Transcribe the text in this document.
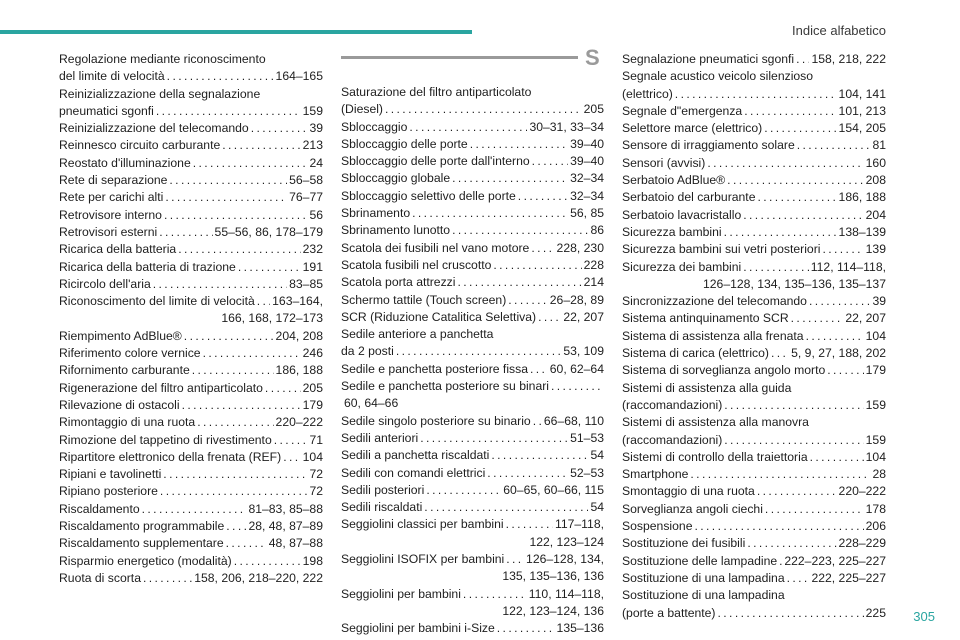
Indice alfabetico
Regolazione mediante riconoscimento
del limite di velocità . . .	164–165
Reinizializzazione della segnalazione
pneumatici sgonfi . . .	159
Reinizializzazione del telecomando . . .	39
Reinnesco circuito carburante . . .	213
Reostato d'illuminazione . . .	24
Rete di separazione . . .	56–58
Rete per carichi alti . . .	76–77
Retrovisore interno . . .	56
Retrovisori esterni . . .	55–56, 86, 178–179
Ricarica della batteria . . .	232
Ricarica della batteria di trazione . . .	191
Ricircolo dell'aria . . .	83–85
Riconoscimento del limite di velocità . . . 163–164,
166, 168, 172–173
Riempimento AdBlue® . . .	204, 208
Riferimento colore vernice . . .	246
Rifornimento carburante . . .	186, 188
Rigenerazione del filtro antiparticolato . . .	205
Rilevazione di ostacoli . . .	179
Rimontaggio di una ruota . . .	220–222
Rimozione del tappetino di rivestimento . . .	71
Ripartitore elettronico della frenata (REF) . . . 104
Ripiani e tavolinetti . . .	72
Ripiano posteriore . . .	72
Riscaldamento . . .	81–83, 85–88
Riscaldamento programmabile . . . 28, 48, 87–89
Riscaldamento supplementare . . .	48, 87–88
Risparmio energetico (modalità) . . .	198
Ruota di scorta . . .	158, 206, 218–220, 222
S
Saturazione del filtro antiparticolato
(Diesel) . . .	205
Sbloccaggio . . .	30–31, 33–34
Sbloccaggio delle porte . . .	39–40
Sbloccaggio delle porte dall'interno . . .	39–40
Sbloccaggio globale . . .	32–34
Sbloccaggio selettivo delle porte . . .	32–34
Sbrinamento . . .	56, 85
Sbrinamento lunotto . . .	86
Scatola dei fusibili nel vano motore . . . 228, 230
Scatola fusibili nel cruscotto . . .	228
Scatola porta attrezzi . . .	214
Schermo tattile (Touch screen) . . .	26–28, 89
SCR (Riduzione Catalitica Selettiva) . . . 22, 207
Sedile anteriore a panchetta
da 2 posti . . .	53, 109
Sedile e panchetta posteriore fissa . . . 60, 62–64
Sedile e panchetta posteriore su binari
. . .
60, 64–66
Sedile singolo posteriore su binario . . . 66–68, 110
Sedili anteriori . . .	51–53
Sedili a panchetta riscaldati . . .	54
Sedili con comandi elettrici . . .	52–53
Sedili posteriori . . .	60–65, 60–66, 115
Sedili riscaldati . . .	54
Seggiolini classici per bambini . . .	117–118,
122, 123–124
Seggiolini ISOFIX per bambini . . . 126–128, 134,
135, 135–136, 136
Seggiolini per bambini . . .	110, 114–118,
122, 123–124, 136
Seggiolini per bambini i-Size . . .	135–136
Segnalazione pneumatici sgonfi . . . 158, 218, 222
Segnale acustico veicolo silenzioso
(elettrico) . . .	104, 141
Segnale d"emergenza . . .	101, 213
Selettore marce (elettrico) . . .	154, 205
Sensore di irraggiamento solare . . .	81
Sensori (avvisi) . . .	160
Serbatoio AdBlue® . . .	208
Serbatoio del carburante . . .	186, 188
Serbatoio lavacristallo . . .	204
Sicurezza bambini . . .	138–139
Sicurezza bambini sui vetri posteriori . . .	139
Sicurezza dei bambini . . .	112, 114–118,
126–128, 134, 135–136, 135–137
Sincronizzazione del telecomando . . .	39
Sistema antinquinamento SCR . . .	22, 207
Sistema di assistenza alla frenata . . .	104
Sistema di carica (elettrico) . . . 5, 9, 27, 188, 202
Sistema di sorveglianza angolo morto . . .	179
Sistemi di assistenza alla guida
(raccomandazioni) . . .	159
Sistemi di assistenza alla manovra
(raccomandazioni) . . .	159
Sistemi di controllo della traiettoria . . .	104
Smartphone . . .	28
Smontaggio di una ruota . . .	220–222
Sorveglianza angoli ciechi . . .	178
Sospensione . . .	206
Sostituzione dei fusibili . . .	228–229
Sostituzione delle lampadine . . . 222–223, 225–227
Sostituzione di una lampadina . . . 222, 225–227
Sostituzione di una lampadina
(porte a battente) . . .	225 305
